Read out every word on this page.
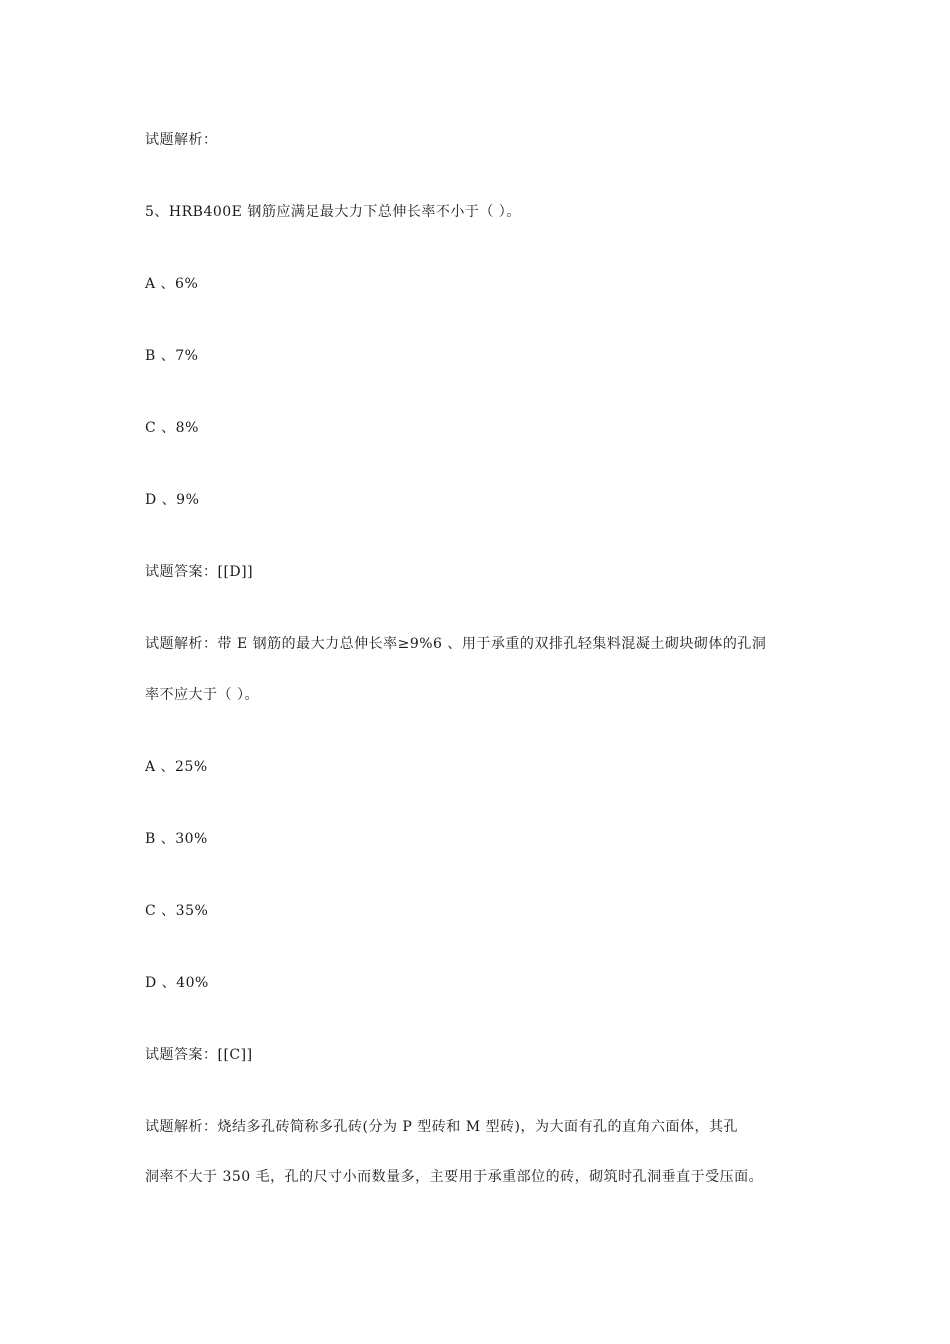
试题解析：
5、HRB400E 钢筋应满足最大力下总伸长率不小于（ ）。
A 、6%
B 、7%
C 、8%
D 、9%
试题答案：[[D]]
试题解析：带 E 钢筋的最大力总伸长率≥9%6 、用于承重的双排孔轻集料混凝土砌块砌体的孔洞
率不应大于（ ）。
A 、25%
B 、30%
C 、35%
D 、40%
试题答案：[[C]]
试题解析：烧结多孔砖简称多孔砖(分为 P 型砖和 M 型砖)，为大面有孔的直角六面体，其孔
洞率不大于 350 毛，孔的尺寸小而数量多，主要用于承重部位的砖，砌筑时孔洞垂直于受压面。
